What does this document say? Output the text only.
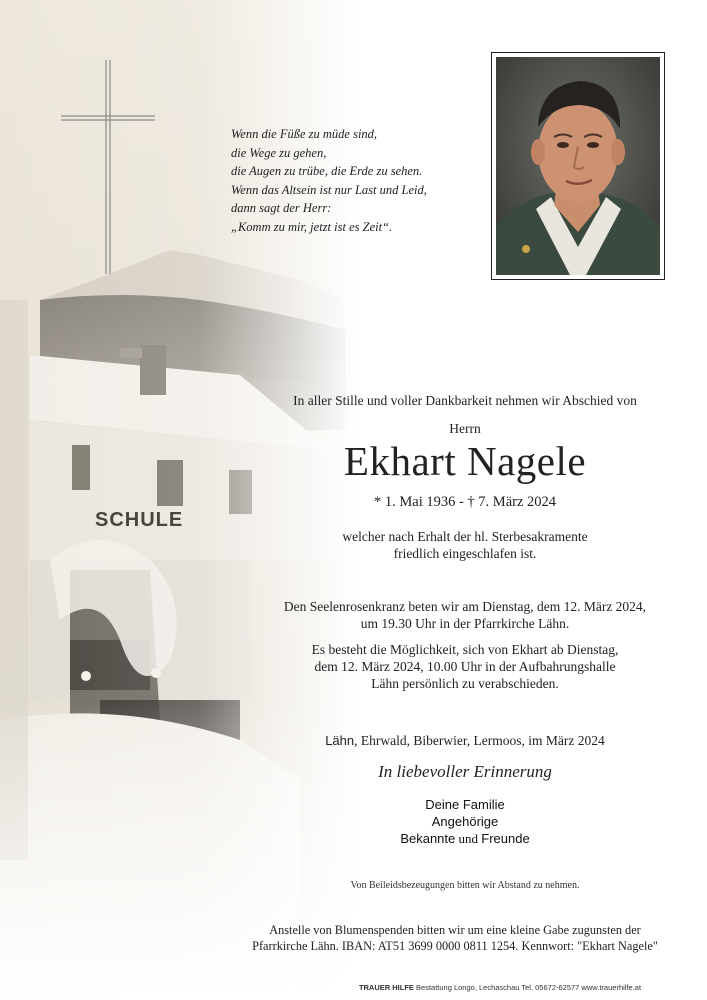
SCHULE
Wenn die Füße zu müde sind,
die Wege zu gehen,
die Augen zu trübe, die Erde zu sehen.
Wenn das Altsein ist nur Last und Leid,
dann sagt der Herr:
„Komm zu mir, jetzt ist es Zeit“.
In aller Stille und voller Dankbarkeit nehmen wir Abschied von
Herrn
Ekhart Nagele
* 1. Mai 1936 - † 7. März 2024
welcher nach Erhalt der hl. Sterbesakramente
friedlich eingeschlafen ist.
Den Seelenrosenkranz beten wir am Dienstag, dem 12. März 2024,
um 19.30 Uhr in der Pfarrkirche Lähn.
Es besteht die Möglichkeit, sich von Ekhart ab Dienstag,
dem 12. März 2024, 10.00 Uhr in der Aufbahrungshalle
Lähn persönlich zu verabschieden.
Lähn, Ehrwald, Biberwier, Lermoos, im März 2024
In liebevoller Erinnerung
Deine Familie
Angehörige
Bekannte und Freunde
Von Beileidsbezeugungen bitten wir Abstand zu nehmen.
Anstelle von Blumenspenden bitten wir um eine kleine Gabe zugunsten der
Pfarrkirche Lähn. IBAN: AT51 3699 0000 0811 1254. Kennwort: "Ekhart Nagele"
TRAUER HILFE Bestattung Longo, Lechaschau Tel. 05672-62577 www.trauerhilfe.at
